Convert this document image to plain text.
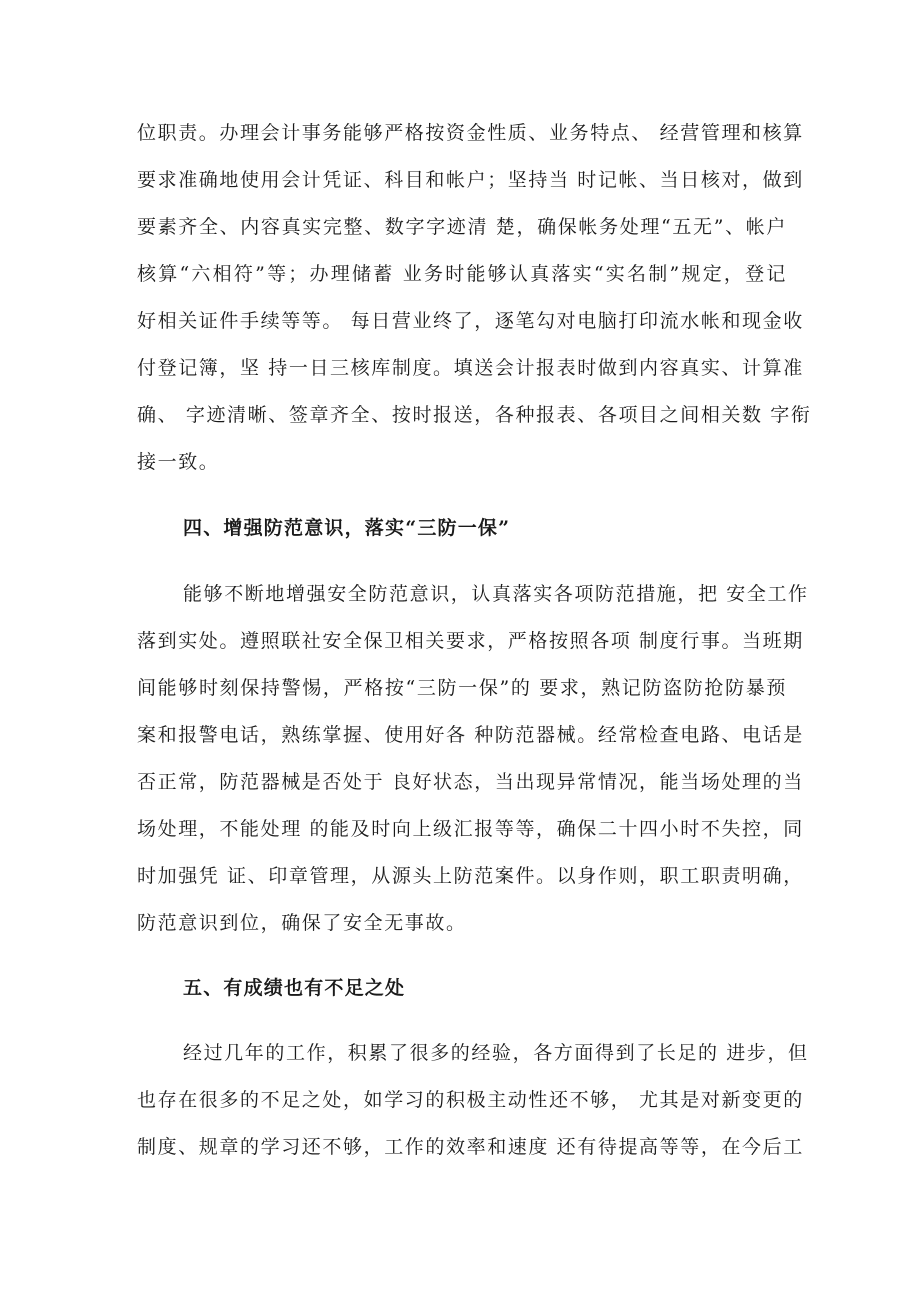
位职责。办理会计事务能够严格按资金性质、业务特点、 经营管理和核算
要求准确地使用会计凭证、科目和帐户；坚持当 时记帐、当日核对，做到
要素齐全、内容真实完整、数字字迹清 楚，确保帐务处理“五无”、帐户
核算“六相符”等；办理储蓄 业务时能够认真落实“实名制”规定，登记
好相关证件手续等等。 每日营业终了，逐笔勾对电脑打印流水帐和现金收
付登记簿，坚 持一日三核库制度。填送会计报表时做到内容真实、计算准
确、 字迹清晰、签章齐全、按时报送，各种报表、各项目之间相关数 字衔
接一致。
四、增强防范意识，落实“三防一保”
能够不断地增强安全防范意识，认真落实各项防范措施，把 安全工作
落到实处。遵照联社安全保卫相关要求，严格按照各项 制度行事。当班期
间能够时刻保持警惕，严格按“三防一保”的 要求，熟记防盗防抢防暴预
案和报警电话，熟练掌握、使用好各 种防范器械。经常检查电路、电话是
否正常，防范器械是否处于 良好状态，当出现异常情况，能当场处理的当
场处理，不能处理 的能及时向上级汇报等等，确保二十四小时不失控，同
时加强凭 证、印章管理，从源头上防范案件。以身作则，职工职责明确，
防范意识到位，确保了安全无事故。
五、有成绩也有不足之处
经过几年的工作，积累了很多的经验，各方面得到了长足的 进步，但
也存在很多的不足之处，如学习的积极主动性还不够， 尤其是对新变更的
制度、规章的学习还不够，工作的效率和速度 还有待提高等等，在今后工
